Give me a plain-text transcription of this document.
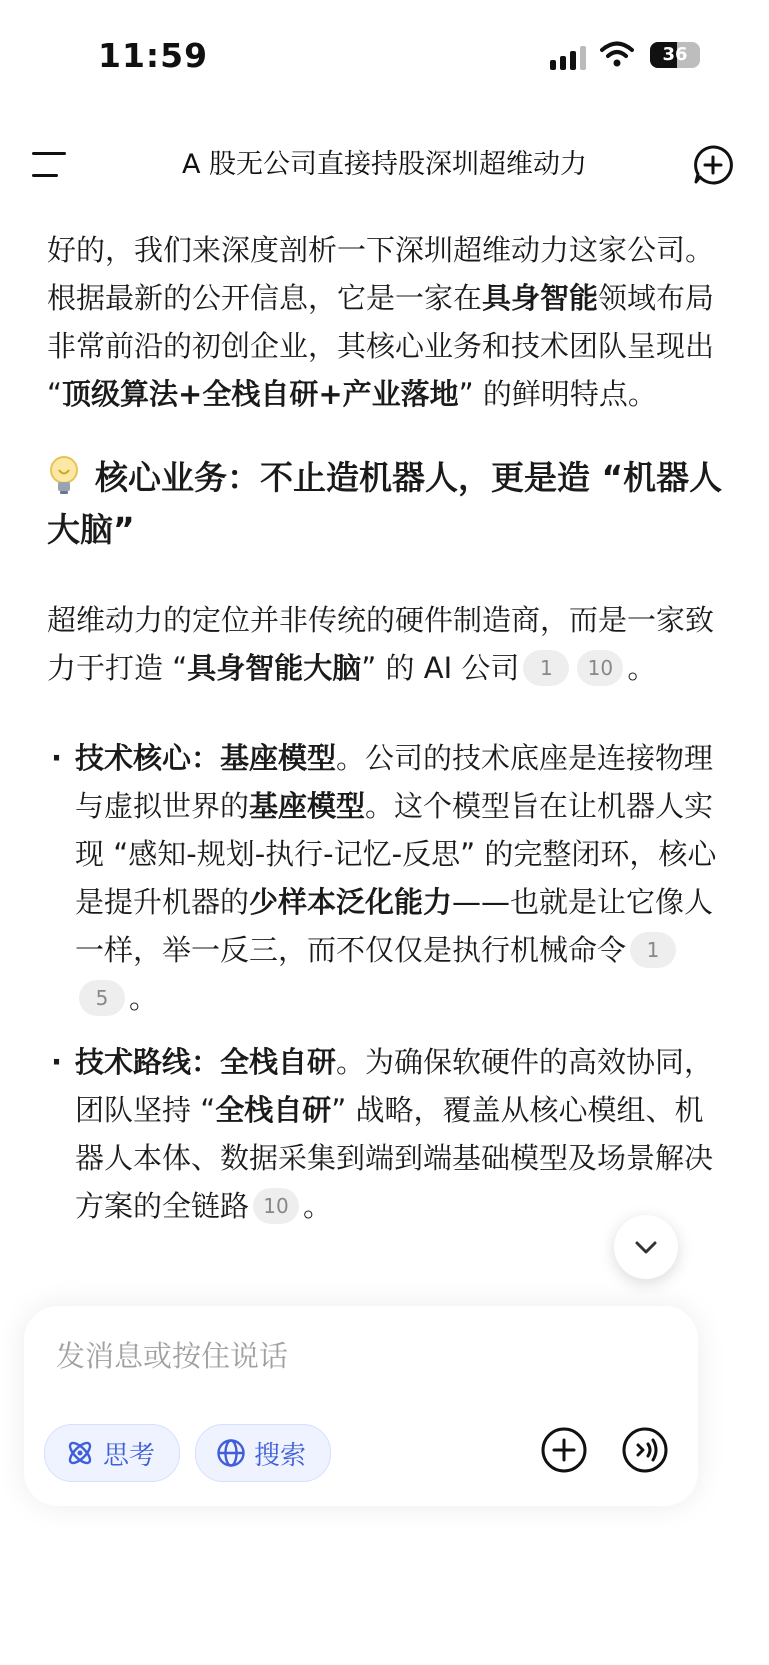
11:59	36
A 股无公司直接持股深圳超维动力

好的，我们来深度剖析一下深圳超维动力这家公司。根据最新的公开信息，它是一家在具身智能领域布局非常前沿的初创企业，其核心业务和技术团队呈现出 “顶级算法+全栈自研+产业落地” 的鲜明特点。

核心业务：不止造机器人，更是造 “机器人大脑”

超维动力的定位并非传统的硬件制造商，而是一家致力于打造 “具身智能大脑” 的 AI 公司 1 10 。

· 技术核心：基座模型。公司的技术底座是连接物理与虚拟世界的基座模型。这个模型旨在让机器人实现 “感知-规划-执行-记忆-反思” 的完整闭环，核心是提升机器的少样本泛化能力——也就是让它像人一样，举一反三，而不仅仅是执行机械命令 15 。
· 技术路线：全栈自研。为确保软硬件的高效协同，团队坚持 “全栈自研” 战略，覆盖从核心模组、机器人本体、数据采集到端到端基础模型及场景解决方案的全链路 10 。
发消息或按住说话
思考	搜索
